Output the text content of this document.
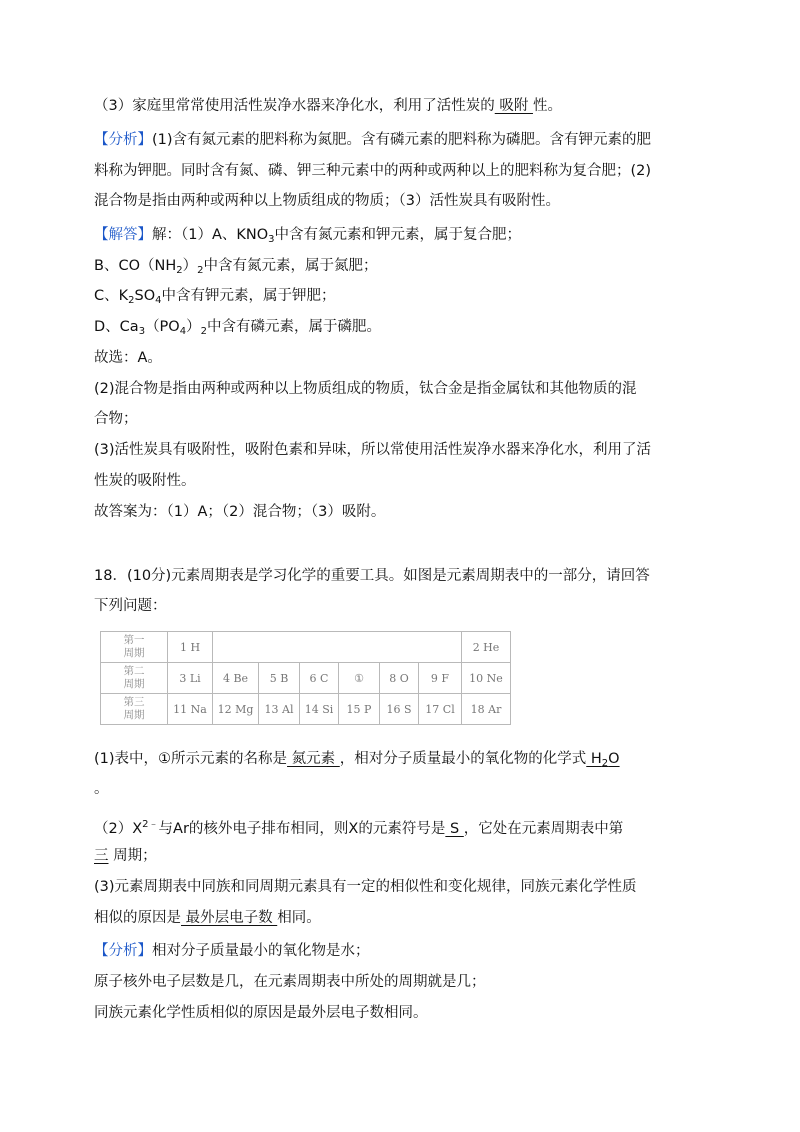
（3）家庭里常常使用活性炭净水器来净化水，利用了活性炭的 吸附 性。
【分析】(1)含有氮元素的肥料称为氮肥。含有磷元素的肥料称为磷肥。含有钾元素的肥
料称为钾肥。同时含有氮、磷、钾三种元素中的两种或两种以上的肥料称为复合肥；(2)
混合物是指由两种或两种以上物质组成的物质；（3）活性炭具有吸附性。
【解答】解：（1）A、$KNO_3$中含有氮元素和钾元素，属于复合肥；
B、$CO(NH_2)_2$中含有氮元素，属于氮肥；
C、$K_2SO_4$中含有钾元素，属于钾肥；
D、$Ca_3(PO_4)_2$中含有磷元素，属于磷肥。
故选：A。
(2)混合物是指由两种或两种以上物质组成的物质，钛合金是指金属钛和其他物质的混
合物；
(3)活性炭具有吸附性，吸附色素和异味，所以常使用活性炭净水器来净化水，利用了活
性炭的吸附性。
故答案为：（1）A；（2）混合物；（3）吸附。
18．(10分)元素周期表是学习化学的重要工具。如图是元素周期表中的一部分，请回答
下列问题：
第一
周期	1 H							2 He
第二
周期	3 Li	4 Be	5 B	6 C	①	8 O	9 F	10 Ne
第三
周期	11 Na	12 Mg	13 Al	14 Si	15 P	16 S	17 Cl	18 Ar
(1)表中，①所示元素的名称是 氮元素 ，相对分子质量最小的氧化物的化学式 $H_2O$
。
$(2)X^{2﹣}$与Ar的核外电子排布相同，则X的元素符号是 S ，它处在元素周期表中第
三 周期；
(3)元素周期表中同族和同周期元素具有一定的相似性和变化规律，同族元素化学性质
相似的原因是 最外层电子数 相同。
【分析】相对分子质量最小的氧化物是水；
原子核外电子层数是几，在元素周期表中所处的周期就是几；
同族元素化学性质相似的原因是最外层电子数相同。
